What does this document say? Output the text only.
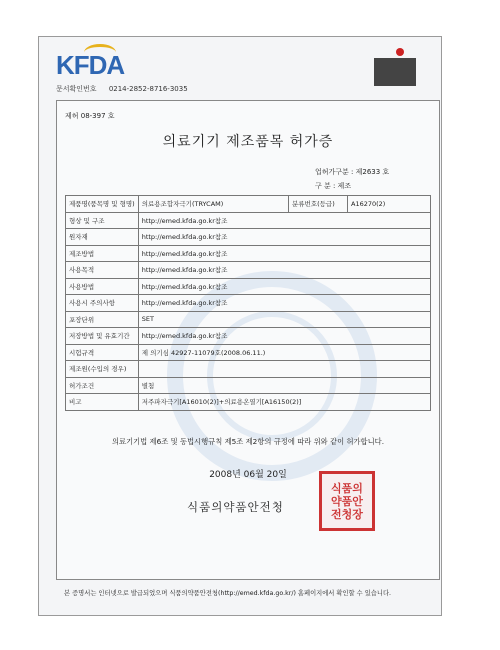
KFDA
문서확인번호 0214-2852-8716-3035
제허 08-397 호
의료기기 제조품목 허가증
업허가구분 : 제2633 호
구 분 : 제조
제품명(품목명 및 형명)	의료용조합자극기(TRYCAM)	분류번호(등급)	A16270(2)
형상 및 구조	http://emed.kfda.go.kr참조		
원자재	http://emed.kfda.go.kr참조		
제조방법	http://emed.kfda.go.kr참조		
사용목적	http://emed.kfda.go.kr참조		
사용방법	http://emed.kfda.go.kr참조		
사용시 주의사항	http://emed.kfda.go.kr참조		
포장단위	SET		
저장방법 및 유효기간	http://emed.kfda.go.kr참조		
시험규격	제 의기심 42927-11079호(2008.06.11.)		
제조원(수입의 경우)			
허가조건	별첨		
비고	저주파자극기[A16010(2)]+의료용온열기[A16150(2)]		
의료기기법 제6조 및 동법시행규칙 제5조 제2항의 규정에 따라 위와 같이 허가합니다.
2008년 06월 20일
식품의약품안전청
식품의
약품안
전청장
본 증명서는 인터넷으로 발급되었으며 식품의약품안전청(http://emed.kfda.go.kr/) 홈페이지에서 확인할 수 있습니다.
